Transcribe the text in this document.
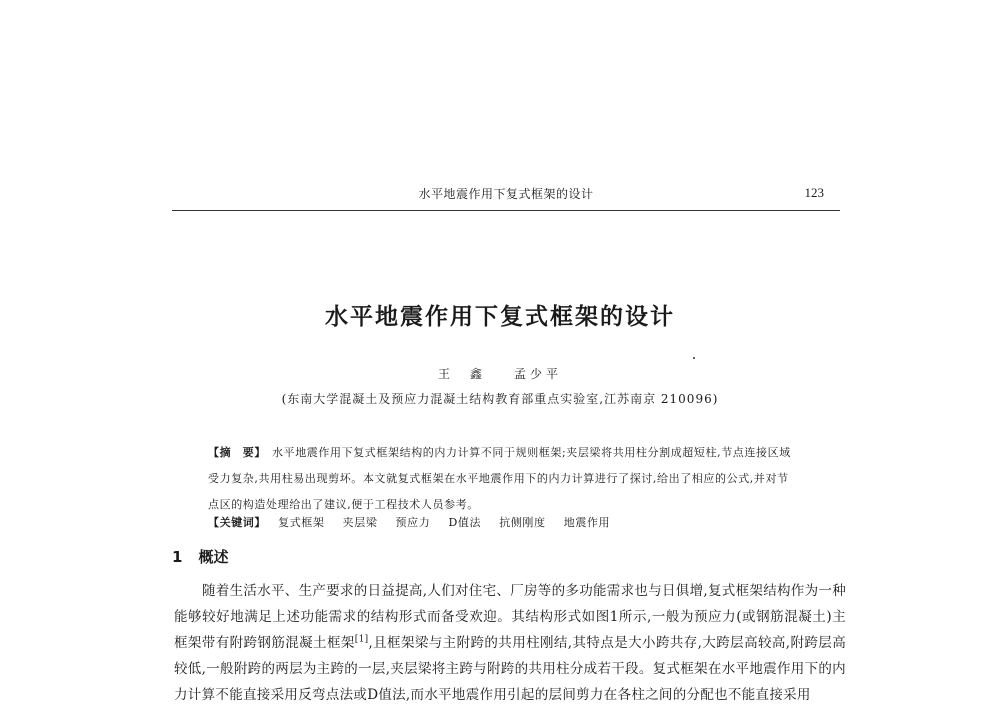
水平地震作用下复式框架的设计	123
水平地震作用下复式框架的设计
王　鑫 孟少平
(东南大学混凝土及预应力混凝土结构教育部重点实验室,江苏南京 210096)
【摘　要】 水平地震作用下复式框架结构的内力计算不同于规则框架;夹层梁将共用柱分割成超短柱,节点连接区域受力复杂,共用柱易出现剪坏。本文就复式框架在水平地震作用下的内力计算进行了探讨,给出了相应的公式,并对节点区的构造处理给出了建议,便于工程技术人员参考。
【关键词】 复式框架 夹层梁 预应力 D值法 抗侧刚度 地震作用
1 概述
随着生活水平、生产要求的日益提高,人们对住宅、厂房等的多功能需求也与日俱增,复式框架结构作为一种能够较好地满足上述功能需求的结构形式而备受欢迎。其结构形式如图1所示,一般为预应力(或钢筋混凝土)主框架带有附跨钢筋混凝土框架[1],且框架梁与主附跨的共用柱刚结,其特点是大小跨共存,大跨层高较高,附跨层高较低,一般附跨的两层为主跨的一层,夹层梁将主跨与附跨的共用柱分成若干段。复式框架在水平地震作用下的内力计算不能直接采用反弯点法或D值法,而水平地震作用引起的层间剪力在各柱之间的分配也不能直接采用
